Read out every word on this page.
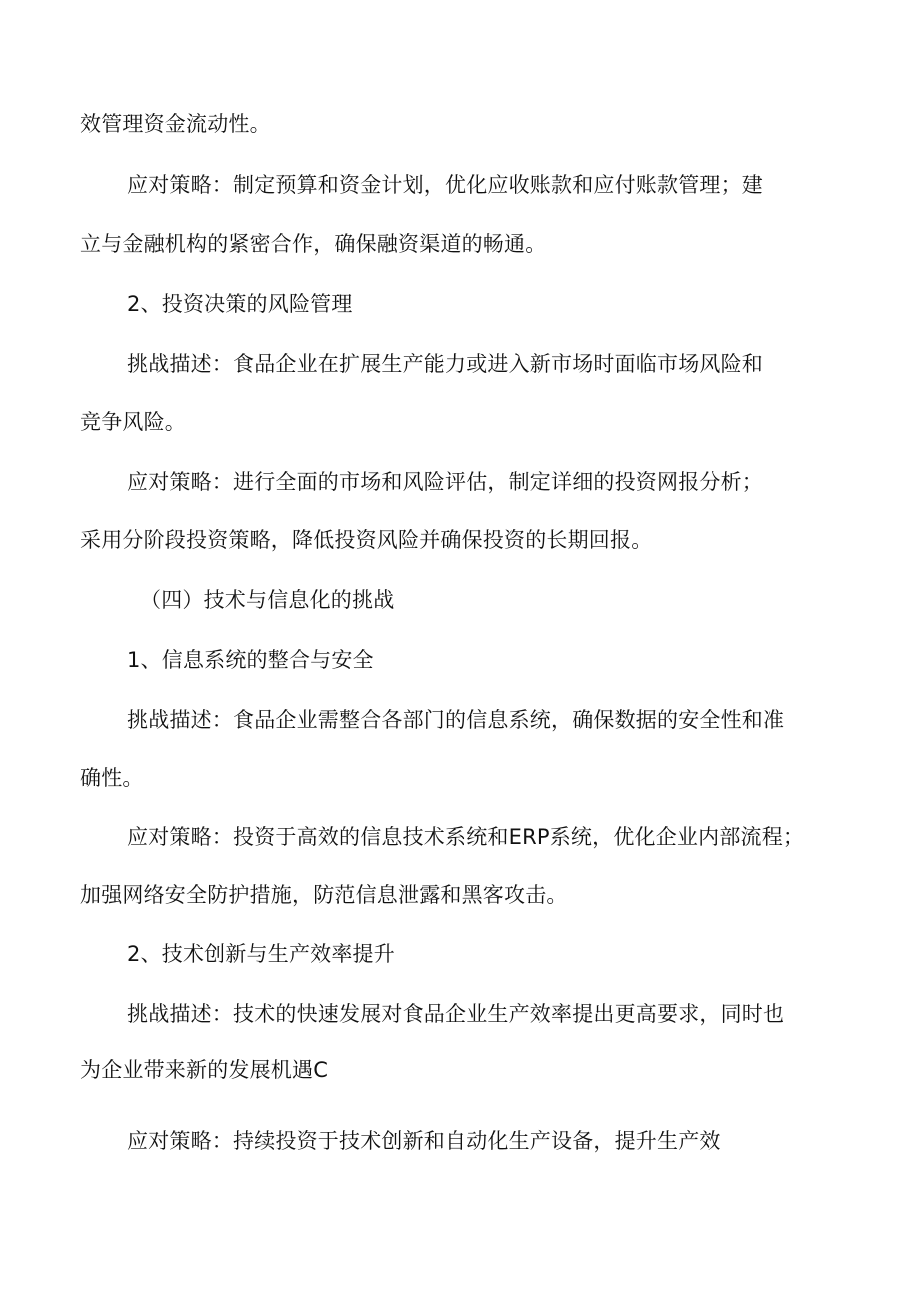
效管理资金流动性。
应对策略：制定预算和资金计划，优化应收账款和应付账款管理；建
立与金融机构的紧密合作，确保融资渠道的畅通。
2、投资决策的风险管理
挑战描述：食品企业在扩展生产能力或进入新市场时面临市场风险和
竞争风险。
应对策略：进行全面的市场和风险评估，制定详细的投资网报分析；
采用分阶段投资策略，降低投资风险并确保投资的长期回报。
（四）技术与信息化的挑战
1、信息系统的整合与安全
挑战描述：食品企业需整合各部门的信息系统，确保数据的安全性和准
确性。
应对策略：投资于高效的信息技术系统和ERP系统，优化企业内部流程；
加强网络安全防护措施，防范信息泄露和黑客攻击。
2、技术创新与生产效率提升
挑战描述：技术的快速发展对食品企业生产效率提出更高要求，同时也
为企业带来新的发展机遇C
应对策略：持续投资于技术创新和自动化生产设备，提升生产效
